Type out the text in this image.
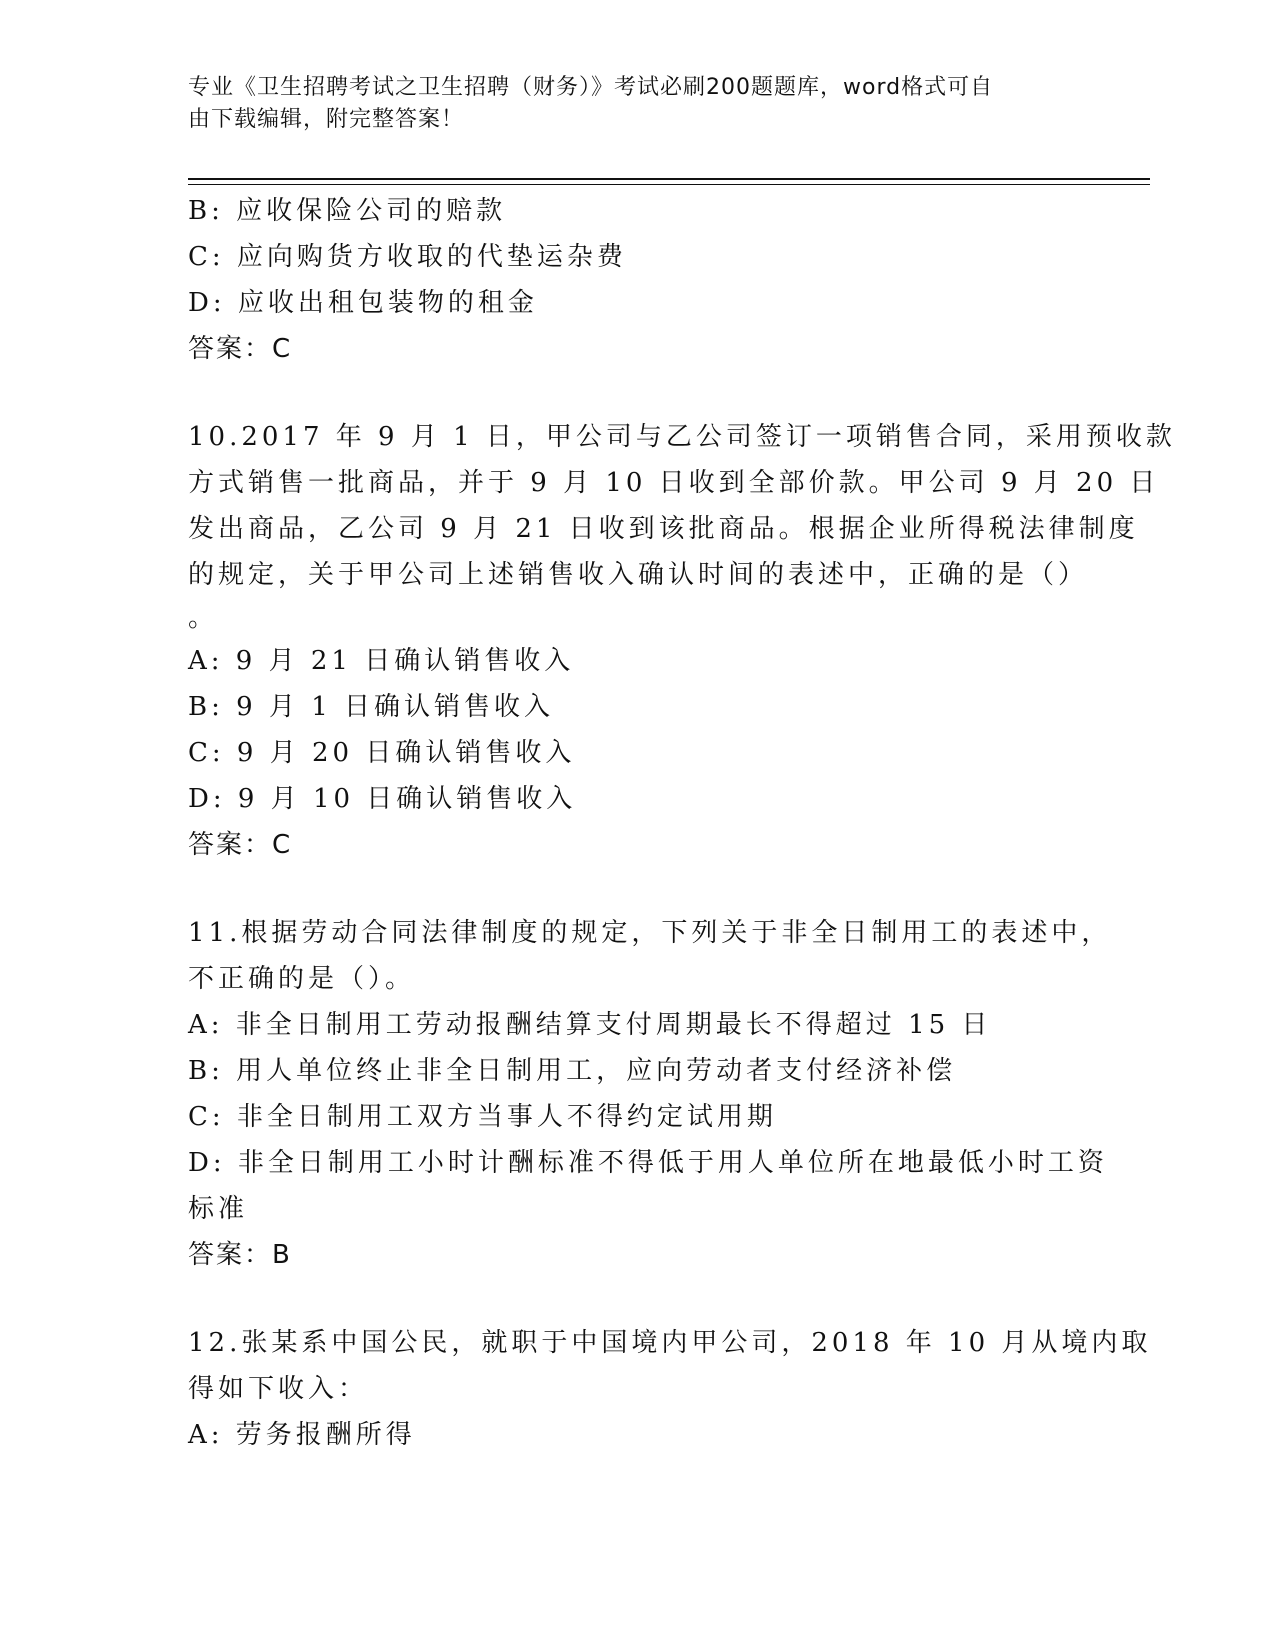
专业《卫生招聘考试之卫生招聘（财务）》考试必刷200题题库，word格式可自
由下载编辑，附完整答案！
B: 应收保险公司的赔款
C: 应向购货方收取的代垫运杂费
D: 应收出租包装物的租金
答案：C
10.2017 年 9 月 1 日，甲公司与乙公司签订一项销售合同，采用预收款
方式销售一批商品，并于 9 月 10 日收到全部价款。甲公司 9 月 20 日
发出商品，乙公司 9 月 21 日收到该批商品。根据企业所得税法律制度
的规定，关于甲公司上述销售收入确认时间的表述中，正确的是（）
。
A: 9 月 21 日确认销售收入
B: 9 月 1 日确认销售收入
C: 9 月 20 日确认销售收入
D: 9 月 10 日确认销售收入
答案：C
11.根据劳动合同法律制度的规定，下列关于非全日制用工的表述中，
不正确的是（）。
A: 非全日制用工劳动报酬结算支付周期最长不得超过 15 日
B: 用人单位终止非全日制用工，应向劳动者支付经济补偿
C: 非全日制用工双方当事人不得约定试用期
D: 非全日制用工小时计酬标准不得低于用人单位所在地最低小时工资
标准
答案：B
12.张某系中国公民，就职于中国境内甲公司，2018 年 10 月从境内取
得如下收入：
A: 劳务报酬所得
